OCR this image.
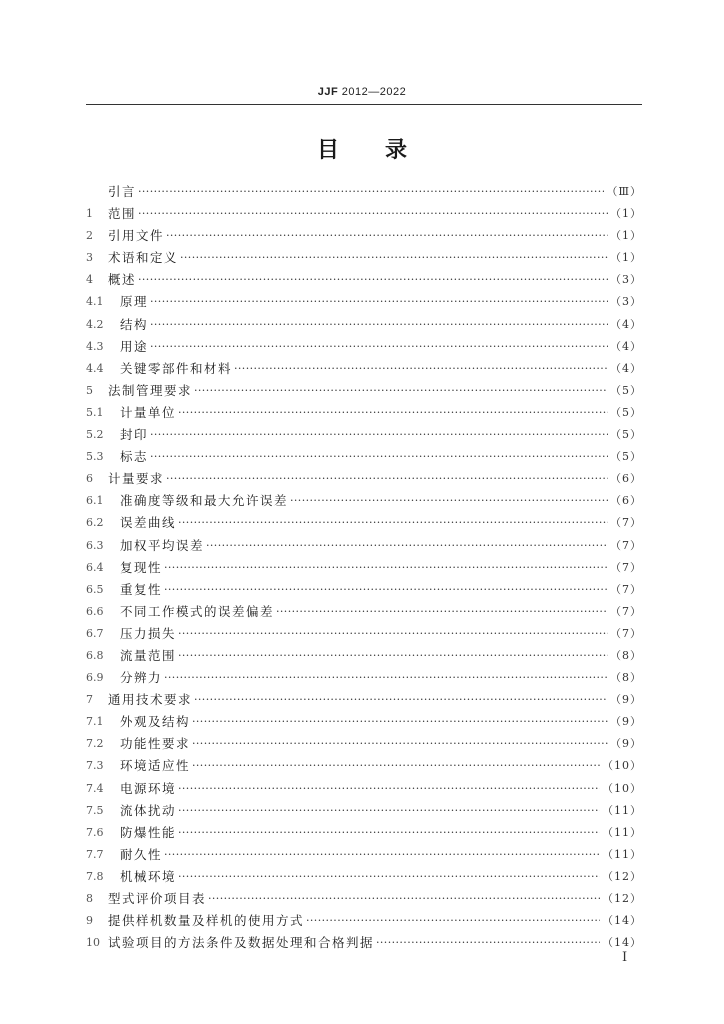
JJF 2012—2022
目录
引言 ·····	（Ⅲ）
1	范围 ·····	（1）
2	引用文件 ·····	（1）
3	术语和定义 ·····	（1）
4	概述 ·····	（3）
4.1	原理 ·····	（3）
4.2	结构 ·····	（4）
4.3	用途 ·····	（4）
4.4	关键零部件和材料 ·····	（4）
5	法制管理要求 ·····	（5）
5.1	计量单位 ·····	（5）
5.2	封印 ·····	（5）
5.3	标志 ·····	（5）
6	计量要求 ·····	（6）
6.1	准确度等级和最大允许误差 ·····	（6）
6.2	误差曲线 ·····	（7）
6.3	加权平均误差 ·····	（7）
6.4	复现性 ·····	（7）
6.5	重复性 ·····	（7）
6.6	不同工作模式的误差偏差 ·····	（7）
6.7	压力损失 ·····	（7）
6.8	流量范围 ·····	（8）
6.9	分辨力 ·····	（8）
7	通用技术要求 ·····	（9）
7.1	外观及结构 ·····	（9）
7.2	功能性要求 ·····	（9）
7.3	环境适应性 ·····	（10）
7.4	电源环境 ·····	（10）
7.5	流体扰动 ·····	（11）
7.6	防爆性能 ·····	（11）
7.7	耐久性 ·····	（11）
7.8	机械环境 ·····	（12）
8	型式评价项目表 ·····	（12）
9	提供样机数量及样机的使用方式 ·····	（14）
10 试验项目的方法条件及数据处理和合格判据 ·····	（14）
I
